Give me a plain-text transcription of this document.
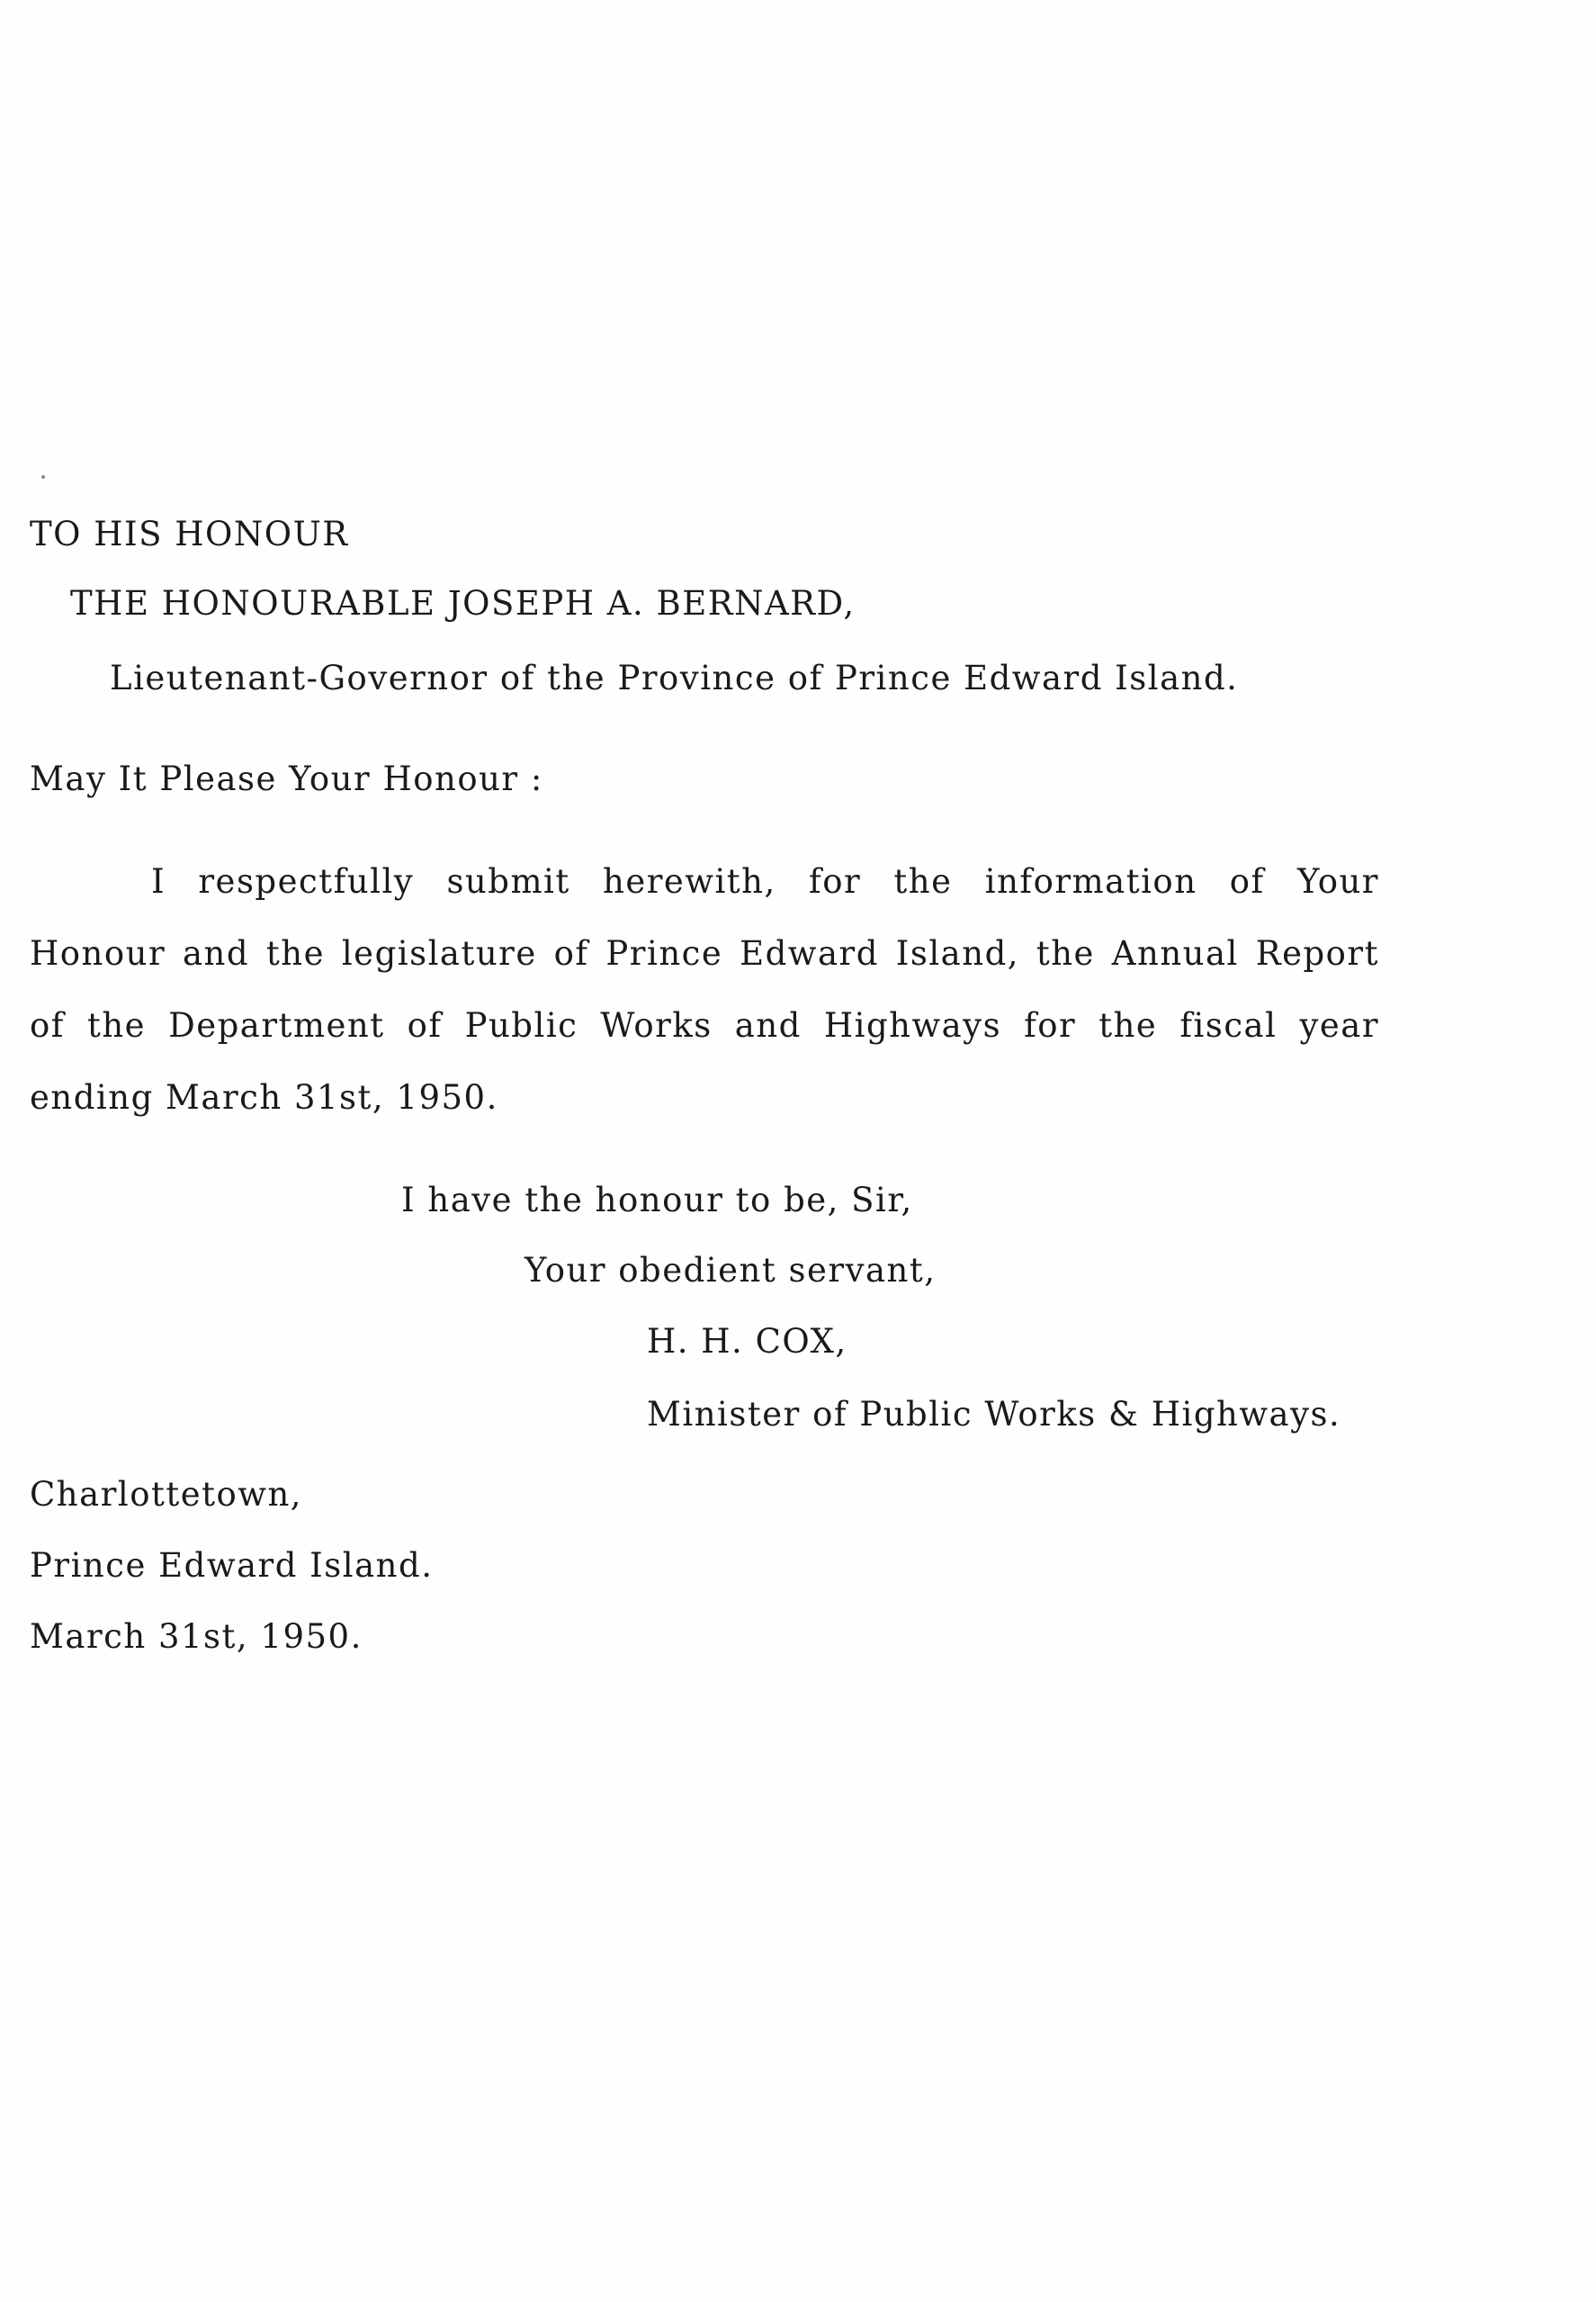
TO HIS HONOUR
THE HONOURABLE JOSEPH A. BERNARD,
Lieutenant-Governor of the Province of Prince Edward Island.
May It Please Your Honour :
I respectfully submit herewith, for the information of Your
Honour and the legislature of Prince Edward Island, the Annual Report
of the Department of Public Works and Highways for the fiscal year
ending March 31st, 1950.
I have the honour to be, Sir,
Your obedient servant,
H. H. COX,
Minister of Public Works & Highways.
Charlottetown,
Prince Edward Island.
March 31st, 1950.
